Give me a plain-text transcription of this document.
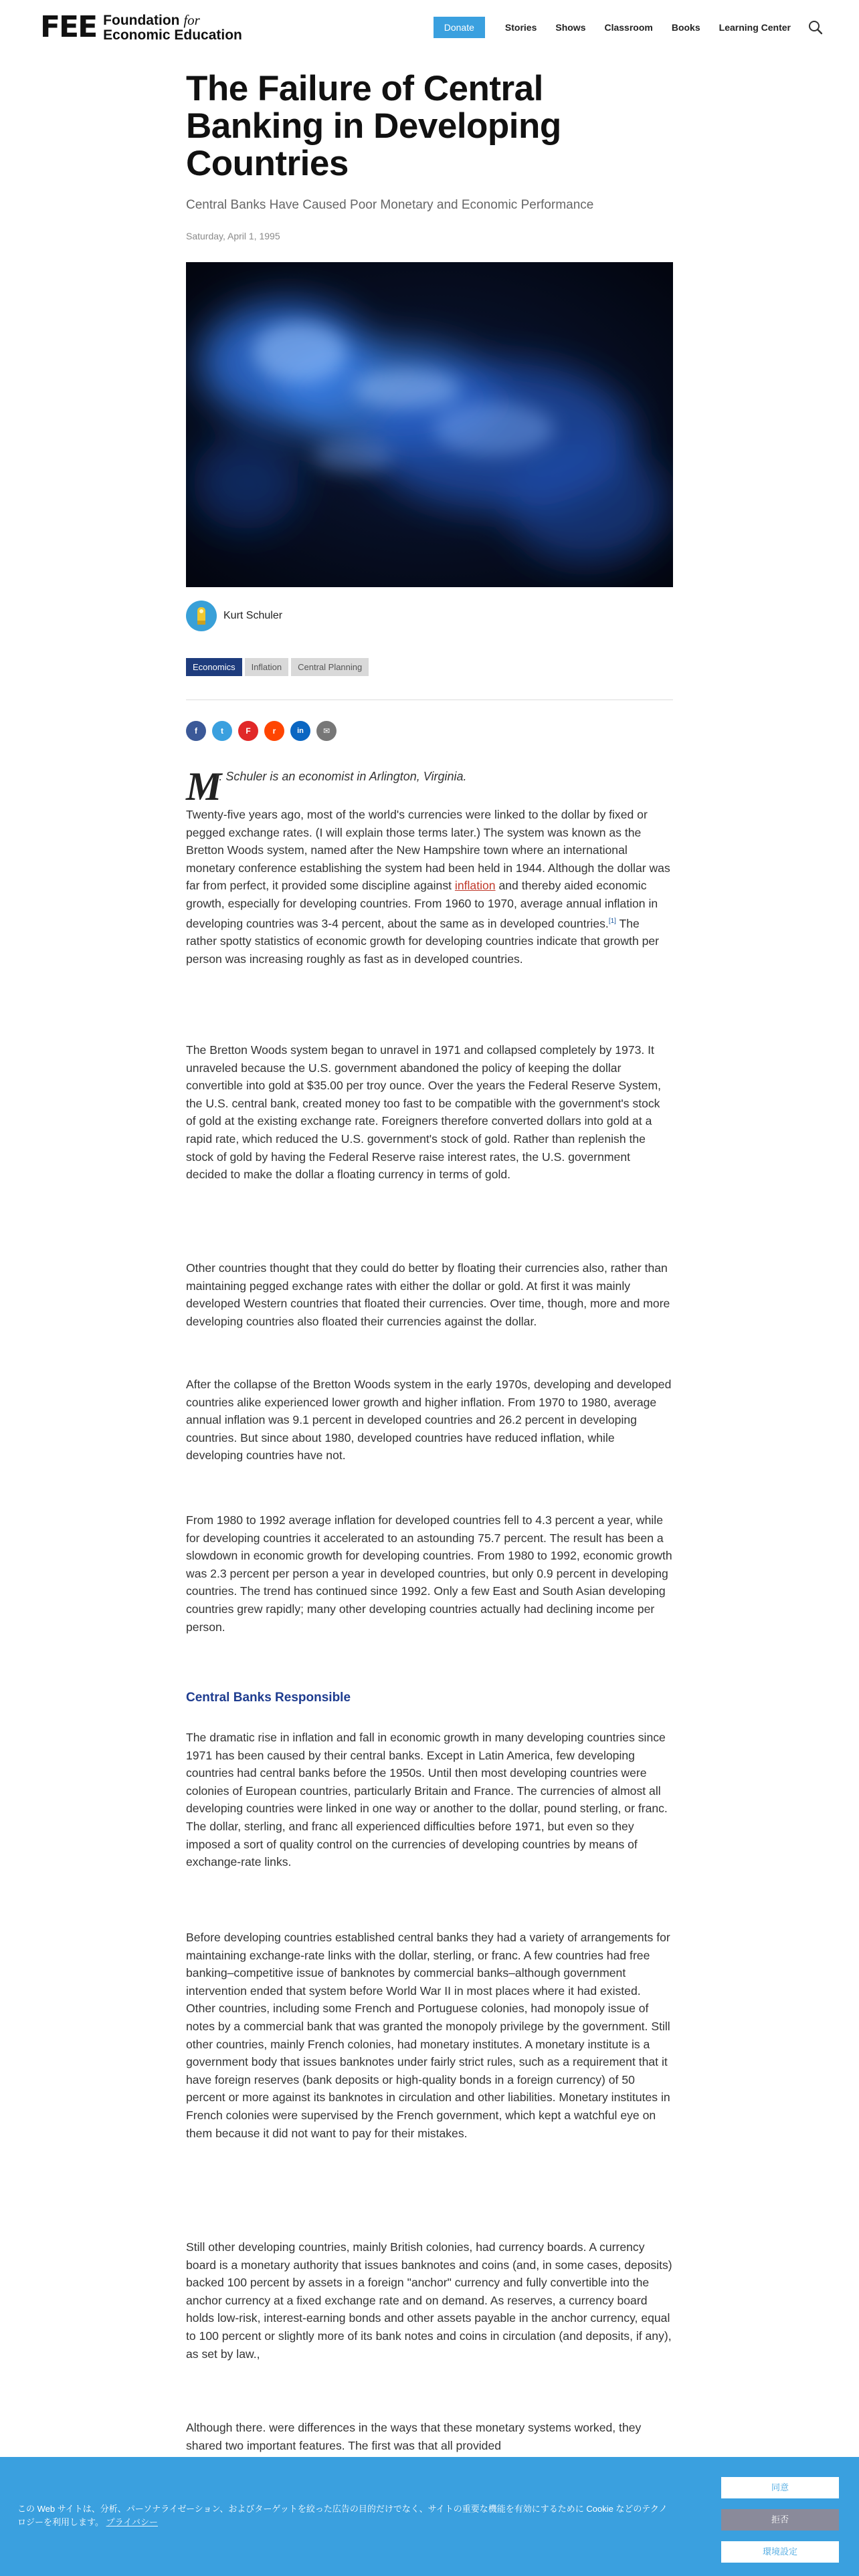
FEE Foundation for
Economic Education	Donate	Stories	Shows	Classroom	Books	Learning Center
The Failure of Central Banking in Developing Countries
Central Banks Have Caused Poor Monetary and Economic Performance
Saturday, April 1, 1995
Kurt Schuler
Economics	Inflation	Central Planning
f	t	F	r	in	✉
M
r. Schuler is an economist in Arlington, Virginia.

Twenty-five years ago, most of the world's currencies were linked to the dollar by fixed or pegged exchange rates. (I will explain those terms later.) The system was known as the Bretton Woods system, named after the New Hampshire town where an international monetary conference establishing the system had been held in 1944. Although the dollar was far from perfect, it provided some discipline against inflation and thereby aided economic growth, especially for developing countries. From 1960 to 1970, average annual inflation in developing countries was 3-4 percent, about the same as in developed countries.[1] The rather spotty statistics of economic growth for developing countries indicate that growth per person was increasing roughly as fast as in developed countries.

The Bretton Woods system began to unravel in 1971 and collapsed completely by 1973. It unraveled because the U.S. government abandoned the policy of keeping the dollar convertible into gold at $35.00 per troy ounce. Over the years the Federal Reserve System, the U.S. central bank, created money too fast to be compatible with the government's stock of gold at the existing exchange rate. Foreigners therefore converted dollars into gold at a rapid rate, which reduced the U.S. government's stock of gold. Rather than replenish the stock of gold by having the Federal Reserve raise interest rates, the U.S. government decided to make the dollar a floating currency in terms of gold.

Other countries thought that they could do better by floating their currencies also, rather than maintaining pegged exchange rates with either the dollar or gold. At first it was mainly developed Western countries that floated their currencies. Over time, though, more and more developing countries also floated their currencies against the dollar.

After the collapse of the Bretton Woods system in the early 1970s, developing and developed countries alike experienced lower growth and higher inflation. From 1970 to 1980, average annual inflation was 9.1 percent in developed countries and 26.2 percent in developing countries. But since about 1980, developed countries have reduced inflation, while developing countries have not.

From 1980 to 1992 average inflation for developed countries fell to 4.3 percent a year, while for developing countries it accelerated to an astounding 75.7 percent. The result has been a slowdown in economic growth for developing countries. From 1980 to 1992, economic growth was 2.3 percent per person a year in developed countries, but only 0.9 percent in developing countries. The trend has continued since 1992. Only a few East and South Asian developing countries grew rapidly; many other developing countries actually had declining income per person.

Central Banks Responsible

The dramatic rise in inflation and fall in economic growth in many developing countries since 1971 has been caused by their central banks. Except in Latin America, few developing countries had central banks before the 1950s. Until then most developing countries were colonies of European countries, particularly Britain and France. The currencies of almost all developing countries were linked in one way or another to the dollar, pound sterling, or franc. The dollar, sterling, and franc all experienced difficulties before 1971, but even so they imposed a sort of quality control on the currencies of developing countries by means of exchange-rate links.

Before developing countries established central banks they had a variety of arrangements for maintaining exchange-rate links with the dollar, sterling, or franc. A few countries had free banking–competitive issue of banknotes by commercial banks–although government intervention ended that system before World War II in most places where it had existed. Other countries, including some French and Portuguese colonies, had monopoly issue of notes by a commercial bank that was granted the monopoly privilege by the government. Still other countries, mainly French colonies, had monetary institutes. A monetary institute is a government body that issues banknotes under fairly strict rules, such as a requirement that it have foreign reserves (bank deposits or high-quality bonds in a foreign currency) of 50 percent or more against its banknotes in circulation and other liabilities. Monetary institutes in French colonies were supervised by the French government, which kept a watchful eye on them because it did not want to pay for their mistakes.

Still other developing countries, mainly British colonies, had currency boards. A currency board is a monetary authority that issues banknotes and coins (and, in some cases, deposits) backed 100 percent by assets in a foreign "anchor" currency and fully convertible into the anchor currency at a fixed exchange rate and on demand. As reserves, a currency board holds low-risk, interest-earning bonds and other assets payable in the anchor currency, equal to 100 percent or slightly more of its bank notes and coins in circulation (and deposits, if any), as set by law.,

Although there. were differences in the ways that these monetary systems worked, they shared two important features. The first was that all provided

この Web サイトは、分析、パーソナライゼーション、およびターゲットを絞った広告の目的だけでなく、サイトの重要な機能を有効にするために Cookie などのテクノロジーを利用します。 プライバシー

同意
拒否
環境設定
